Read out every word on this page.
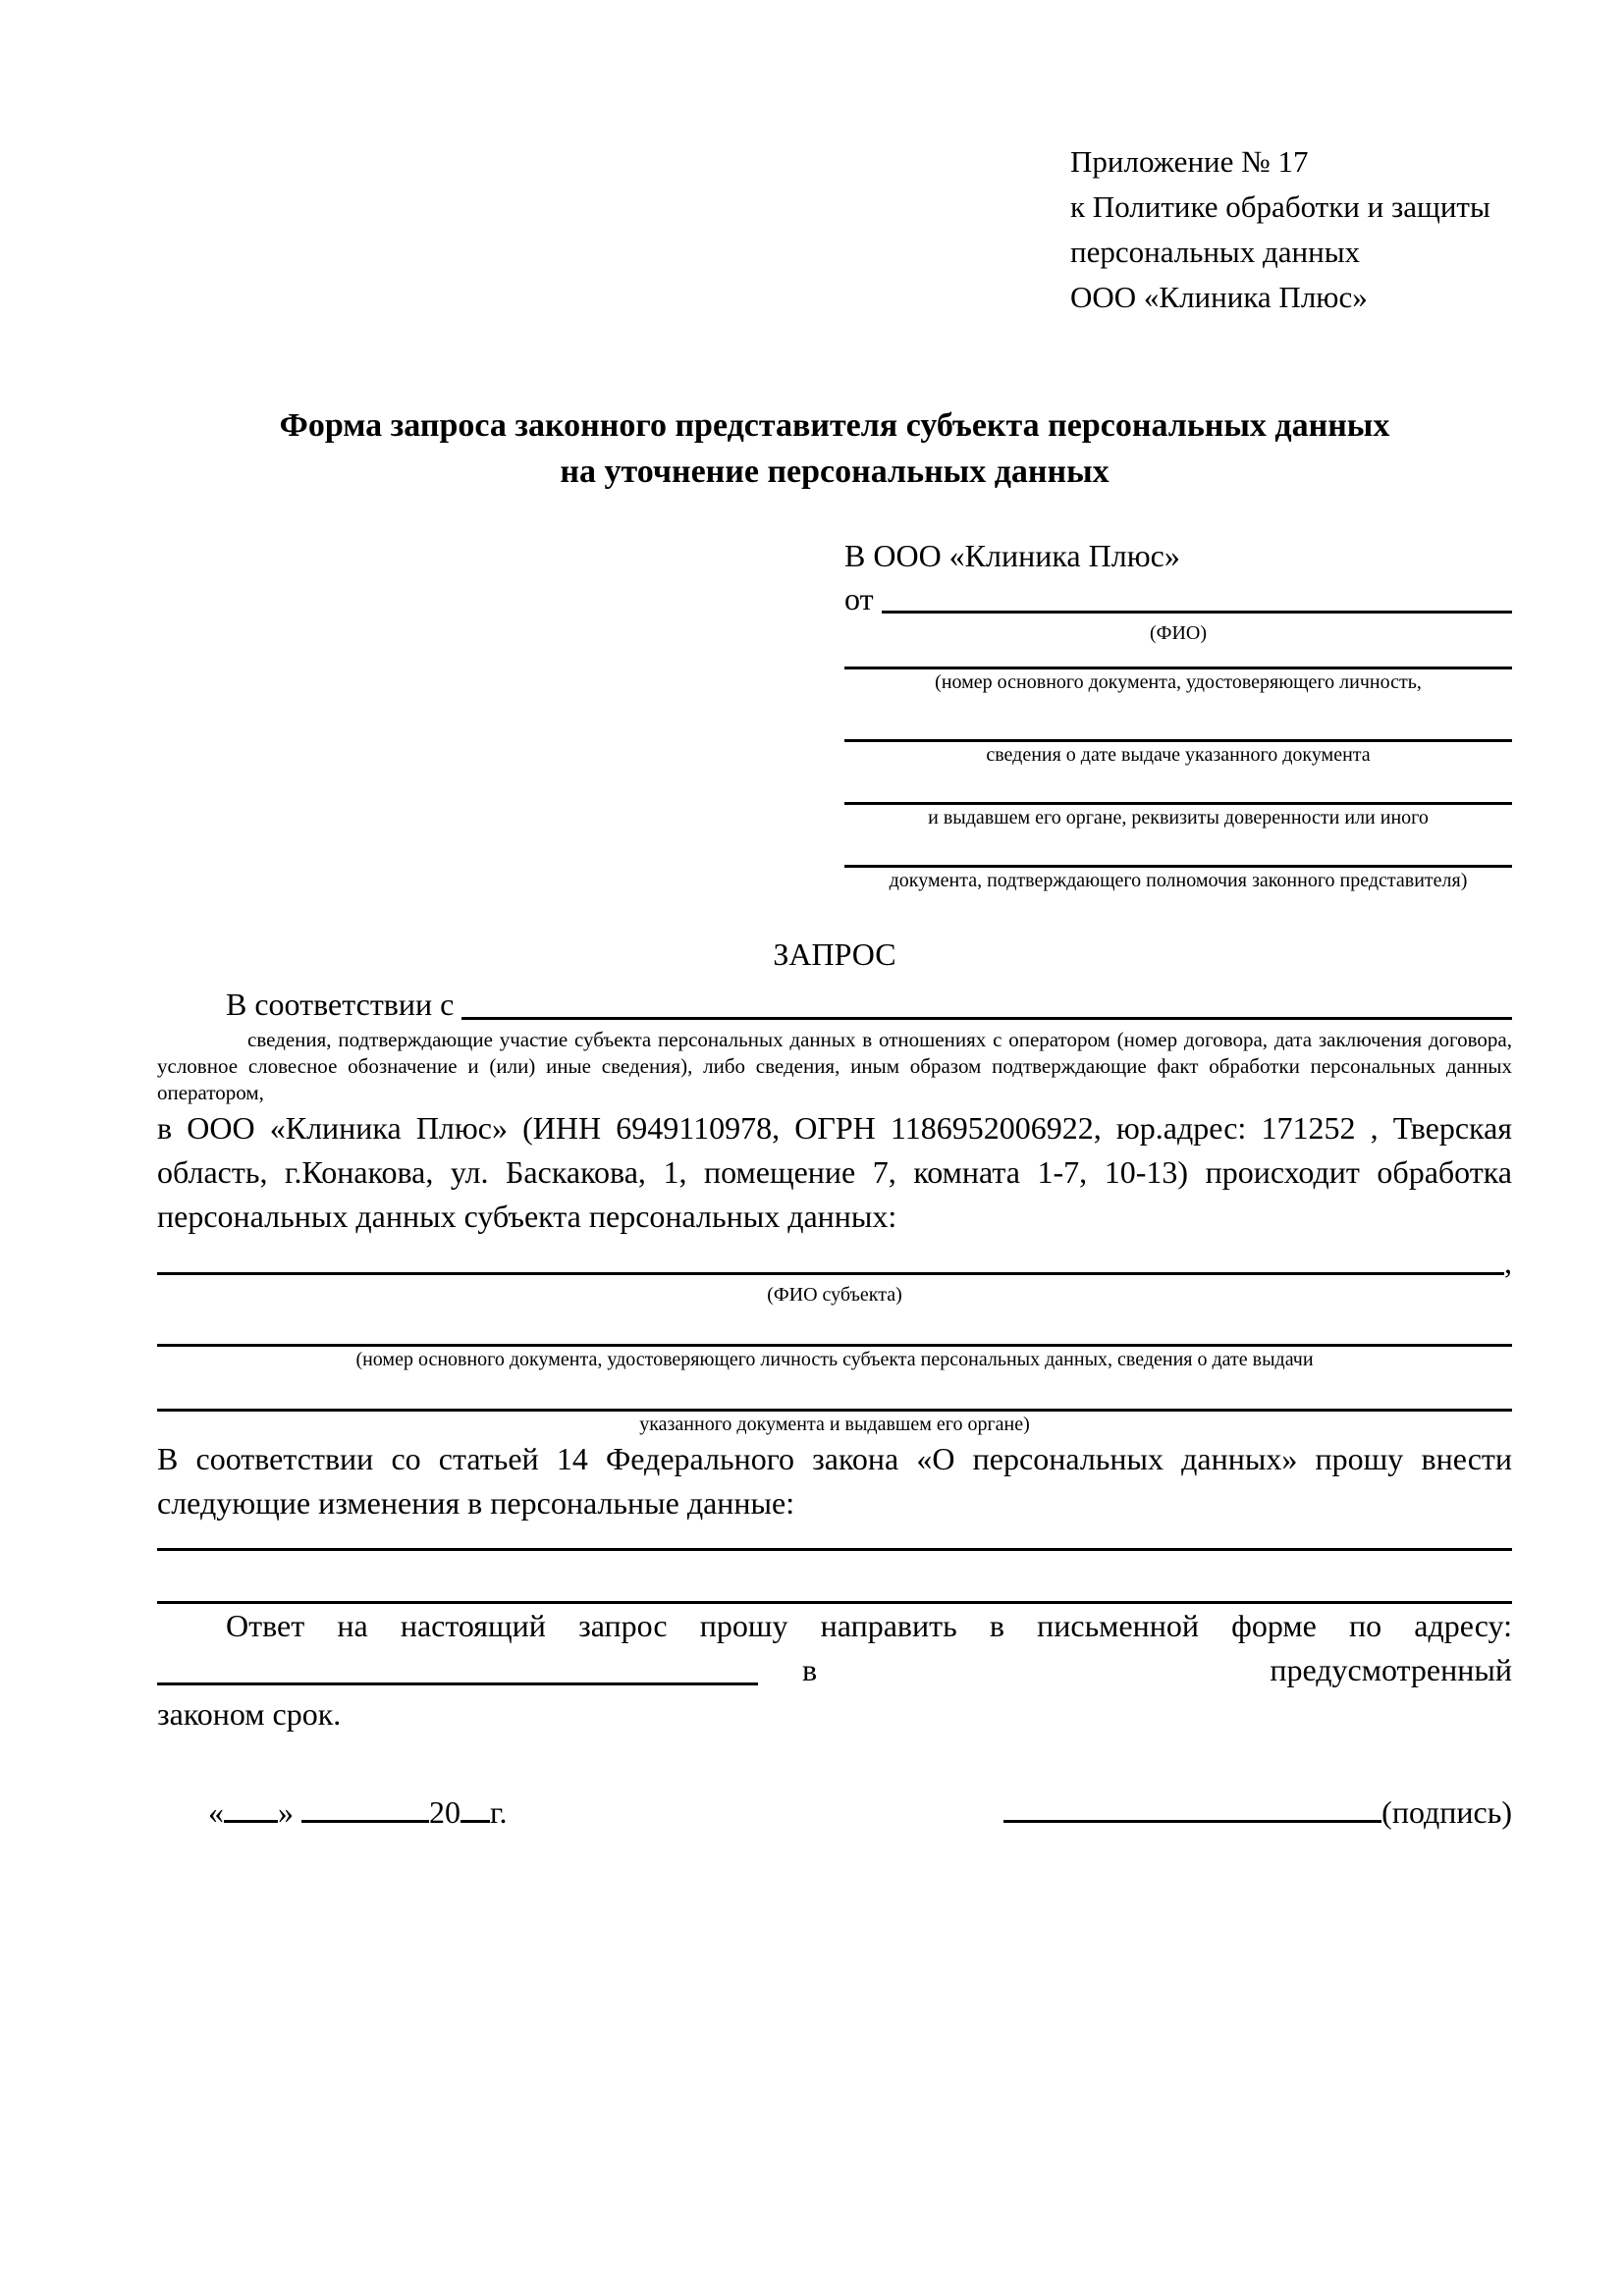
Приложение № 17
к Политике обработки и защиты
персональных данных
ООО «Клиника Плюс»
Форма запроса законного представителя субъекта персональных данных
на уточнение персональных данных
В ООО «Клиника Плюс»
от
(ФИО)
(номер основного документа, удостоверяющего личность,
сведения о дате выдаче указанного документа
и выдавшем его органе, реквизиты доверенности или иного
документа, подтверждающего полномочия законного представителя)
ЗАПРОС
В соответствии с
сведения, подтверждающие участие субъекта персональных данных в отношениях с оператором (номер договора, дата заключения договора, условное словесное обозначение и (или) иные сведения), либо сведения, иным образом подтверждающие факт обработки персональных данных оператором,
в ООО «Клиника Плюс» (ИНН 6949110978, ОГРН 1186952006922, юр.адрес: 171252 , Тверская область, г.Конакова, ул. Баскакова, 1, помещение 7, комната 1-7, 10-13) происходит обработка персональных данных субъекта персональных данных:
,
(ФИО субъекта)
(номер основного документа, удостоверяющего личность субъекта персональных данных, сведения о дате выдачи
указанного документа и выдавшем его органе)
В соответствии со статьей 14 Федерального закона «О персональных данных» прошу внести следующие изменения в персональные данные:
Ответ на настоящий запрос прошу направить в письменной форме по адресу:
в	предусмотренный
законом срок.
« »	20 г.	(подпись)
